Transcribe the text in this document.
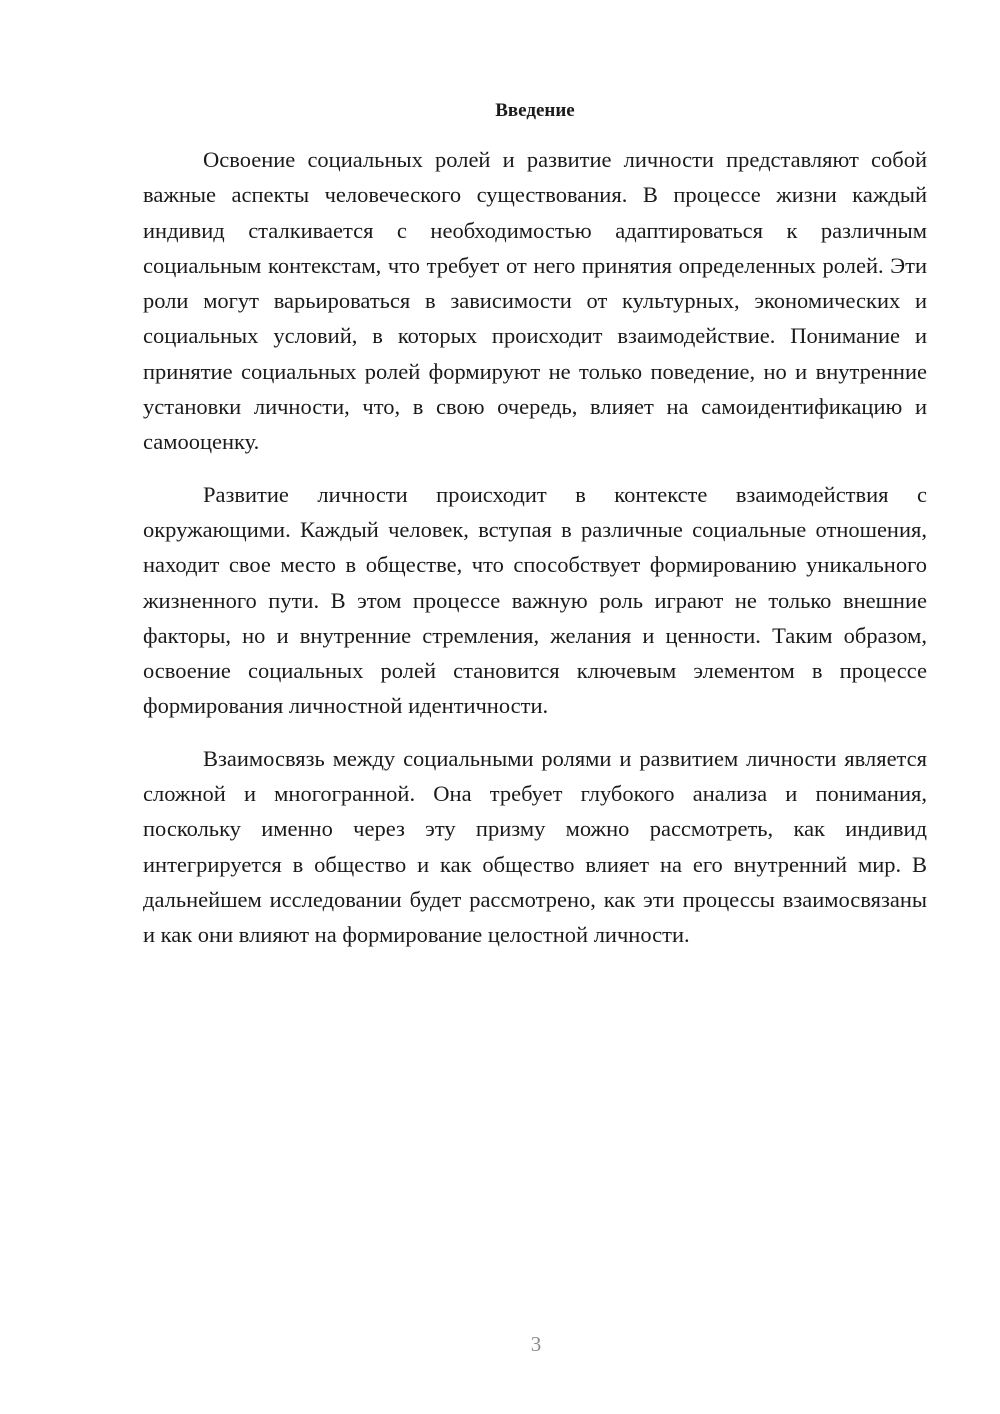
Введение

Освоение социальных ролей и развитие личности представляют собой важные аспекты человеческого существования. В процессе жизни каждый индивид сталкивается с необходимостью адаптироваться к различным социальным контекстам, что требует от него принятия определенных ролей. Эти роли могут варьироваться в зависимости от культурных, экономических и социальных условий, в которых происходит взаимодействие. Понимание и принятие социальных ролей формируют не только поведение, но и внутренние установки личности, что, в свою очередь, влияет на самоидентификацию и самооценку.

Развитие личности происходит в контексте взаимодействия с окружающими. Каждый человек, вступая в различные социальные отношения, находит свое место в обществе, что способствует формированию уникального жизненного пути. В этом процессе важную роль играют не только внешние факторы, но и внутренние стремления, желания и ценности. Таким образом, освоение социальных ролей становится ключевым элементом в процессе формирования личностной идентичности.

Взаимосвязь между социальными ролями и развитием личности является сложной и многогранной. Она требует глубокого анализа и понимания, поскольку именно через эту призму можно рассмотреть, как индивид интегрируется в общество и как общество влияет на его внутренний мир. В дальнейшем исследовании будет рассмотрено, как эти процессы взаимосвязаны и как они влияют на формирование целостной личности.

3
